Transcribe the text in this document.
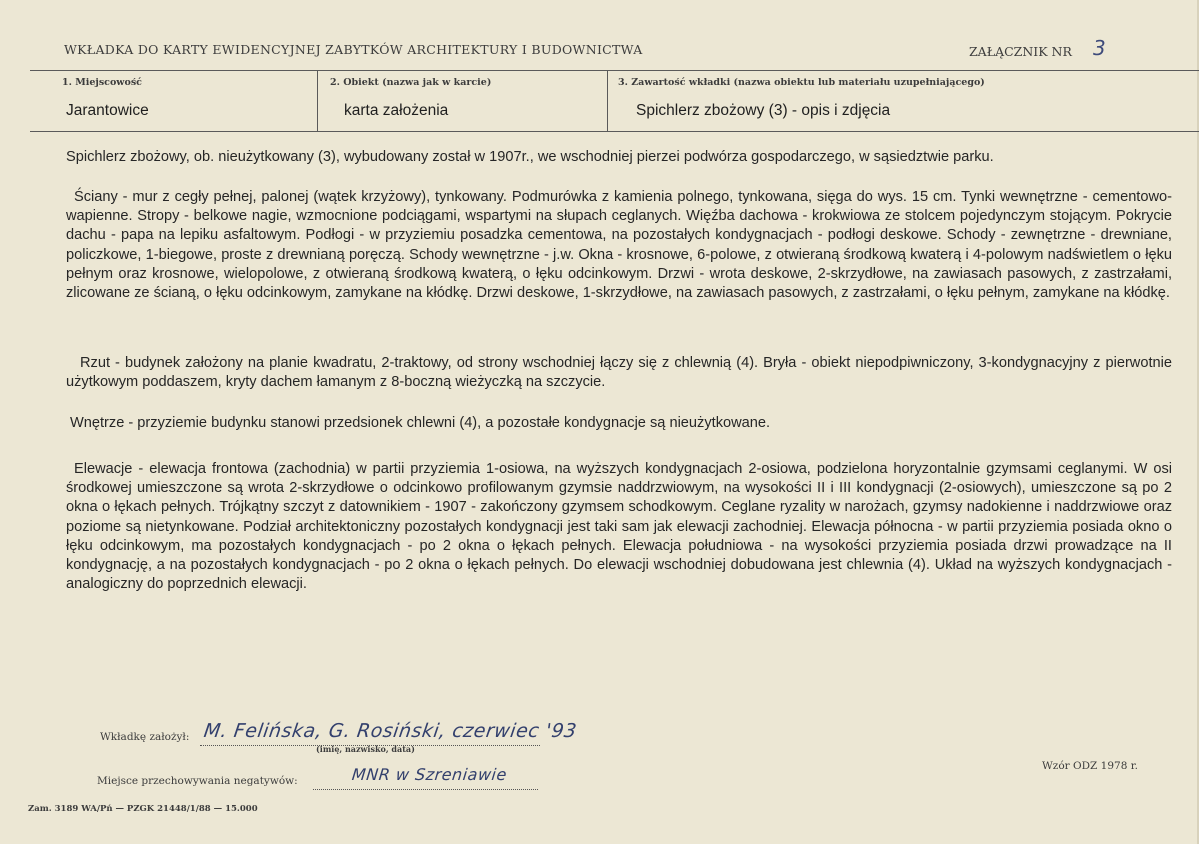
WKŁADKA DO KARTY EWIDENCYJNEJ ZABYTKÓW ARCHITEKTURY I BUDOWNICTWA	ZAŁĄCZNIK NR 3
1. Miejscowość
Jarantowice
2. Obiekt (nazwa jak w karcie)
karta założenia
3. Zawartość wkładki (nazwa obiektu lub materiału uzupełniającego)
Spichlerz zbożowy (3) - opis i zdjęcia

Spichlerz zbożowy, ob. nieużytkowany (3), wybudowany został w 1907r., we wschodniej pierzei podwórza gospodarczego, w sąsiedztwie parku.

Ściany - mur z cegły pełnej, palonej (wątek krzyżowy), tynkowany. Podmurówka z kamienia polnego, tynkowana, sięga do wys. 15 cm. Tynki wewnętrzne - cementowo-wapienne. Stropy - belkowe nagie, wzmocnione podciągami, wspartymi na słupach ceglanych. Więźba dachowa - krokwiowa ze stolcem pojedynczym stojącym. Pokrycie dachu - papa na lepiku asfaltowym. Podłogi - w przyziemiu posadzka cementowa, na pozostałych kondygnacjach - podłogi deskowe. Schody - zewnętrzne - drewniane, policzkowe, 1-biegowe, proste z drewnianą poręczą. Schody wewnętrzne - j.w. Okna - krosnowe, 6-polowe, z otwieraną środkową kwaterą i 4-polowym nadświetlem o łęku pełnym oraz krosnowe, wielopolowe, z otwieraną środkową kwaterą, o łęku odcinkowym. Drzwi - wrota deskowe, 2-skrzydłowe, na zawiasach pasowych, z zastrzałami, zlicowane ze ścianą, o łęku odcinkowym, zamykane na kłódkę. Drzwi deskowe, 1-skrzydłowe, na zawiasach pasowych, z zastrzałami, o łęku pełnym, zamykane na kłódkę.

Rzut - budynek założony na planie kwadratu, 2-traktowy, od strony wschodniej łączy się z chlewnią (4). Bryła - obiekt niepodpiwniczony, 3-kondygnacyjny z pierwotnie użytkowym poddaszem, kryty dachem łamanym z 8-boczną wieżyczką na szczycie.

Wnętrze - przyziemie budynku stanowi przedsionek chlewni (4), a pozostałe kondygnacje są nieużytkowane.

Elewacje - elewacja frontowa (zachodnia) w partii przyziemia 1-osiowa, na wyższych kondygnacjach 2-osiowa, podzielona horyzontalnie gzymsami ceglanymi. W osi środkowej umieszczone są wrota 2-skrzydłowe o odcinkowo profilowanym gzymsie naddrzwiowym, na wysokości II i III kondygnacji (2-osiowych), umieszczone są po 2 okna o łękach pełnych. Trójkątny szczyt z datownikiem - 1907 - zakończony gzymsem schodkowym. Ceglane ryzality w narożach, gzymsy nadokienne i naddrzwiowe oraz poziome są nietynkowane. Podział architektoniczny pozostałych kondygnacji jest taki sam jak elewacji zachodniej. Elewacja północna - w partii przyziemia posiada okno o łęku odcinkowym, ma pozostałych kondygnacjach - po 2 okna o łękach pełnych. Elewacja południowa - na wysokości przyziemia posiada drzwi prowadzące na II kondygnację, a na pozostałych kondygnacjach - po 2 okna o łękach pełnych. Do elewacji wschodniej dobudowana jest chlewnia (4). Układ na wyższych kondygnacjach - analogiczny do poprzednich elewacji.

Wkładkę założył: M. Felińska, G. Rosiński, czerwiec '93
(imię, nazwisko, data)
Miejsce przechowywania negatywów:	MNR w Szreniawie	Wzór ODZ 1978 r.
Zam. 3189 WA/Pń — PZGK 21448/1/88 — 15.000
